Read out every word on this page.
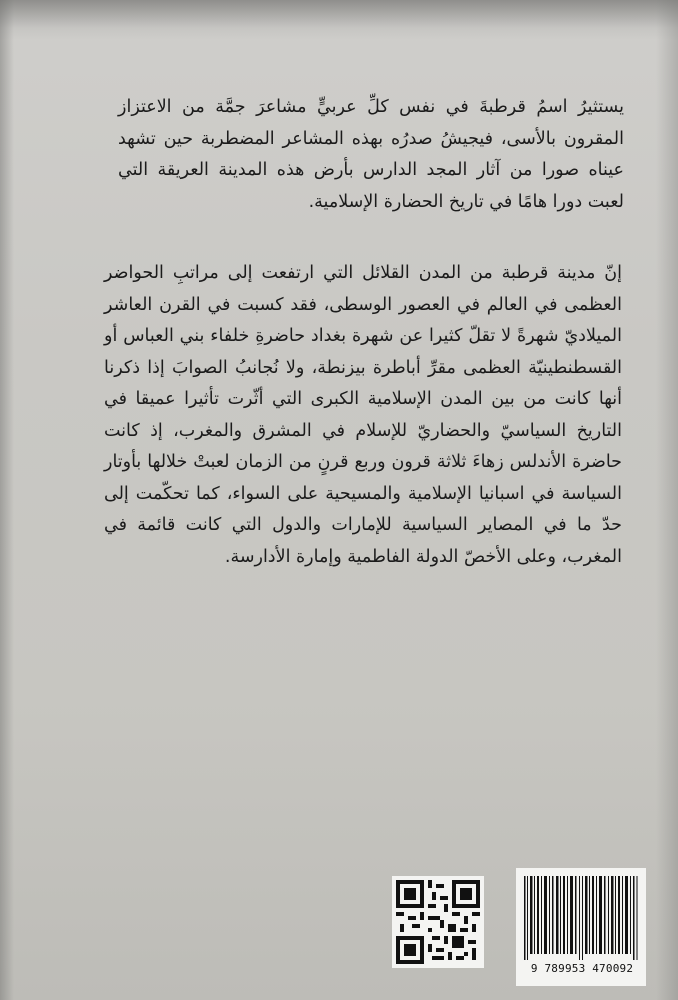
يستثيرُ اسمُ قرطبةَ في نفس كلِّ عربيٍّ مشاعرَ جمَّة من الاعتزاز المقرون بالأسى، فيجيشُ صدرُه بهذه المشاعر المضطربة حين تشهد عيناه صورا من آثار المجد الدارس بأرض هذه المدينة العريقة التي لعبت دورا هامًا في تاريخ الحضارة الإسلامية.

إنّ مدينة قرطبة من المدن القلائل التي ارتفعت إلى مراتبِ الحواضر العظمى في العالم في العصور الوسطى، فقد كسبت في القرن العاشر الميلاديّ شهرةً لا تقلّ كثيرا عن شهرة بغداد حاضرةِ خلفاء بني العباس أو القسطنطينيّة العظمى مقرِّ أباطرة بيزنطة، ولا نُجانبُ الصوابَ إذا ذكرنا أنها كانت من بين المدن الإسلامية الكبرى التي أثّرت تأثيرا عميقا في التاريخ السياسيّ والحضاريّ للإسلام في المشرق والمغرب، إذ كانت حاضرة الأندلس زهاءَ ثلاثة قرون وربع قرنٍ من الزمان لعبتْ خلالها بأوتار السياسة في اسبانيا الإسلامية والمسيحية على السواء، كما تحكّمت إلى حدّ ما في المصاير السياسية للإمارات والدول التي كانت قائمة في المغرب، وعلى الأخصّ الدولة الفاطمية وإمارة الأدارسة.

9 789953 470092
